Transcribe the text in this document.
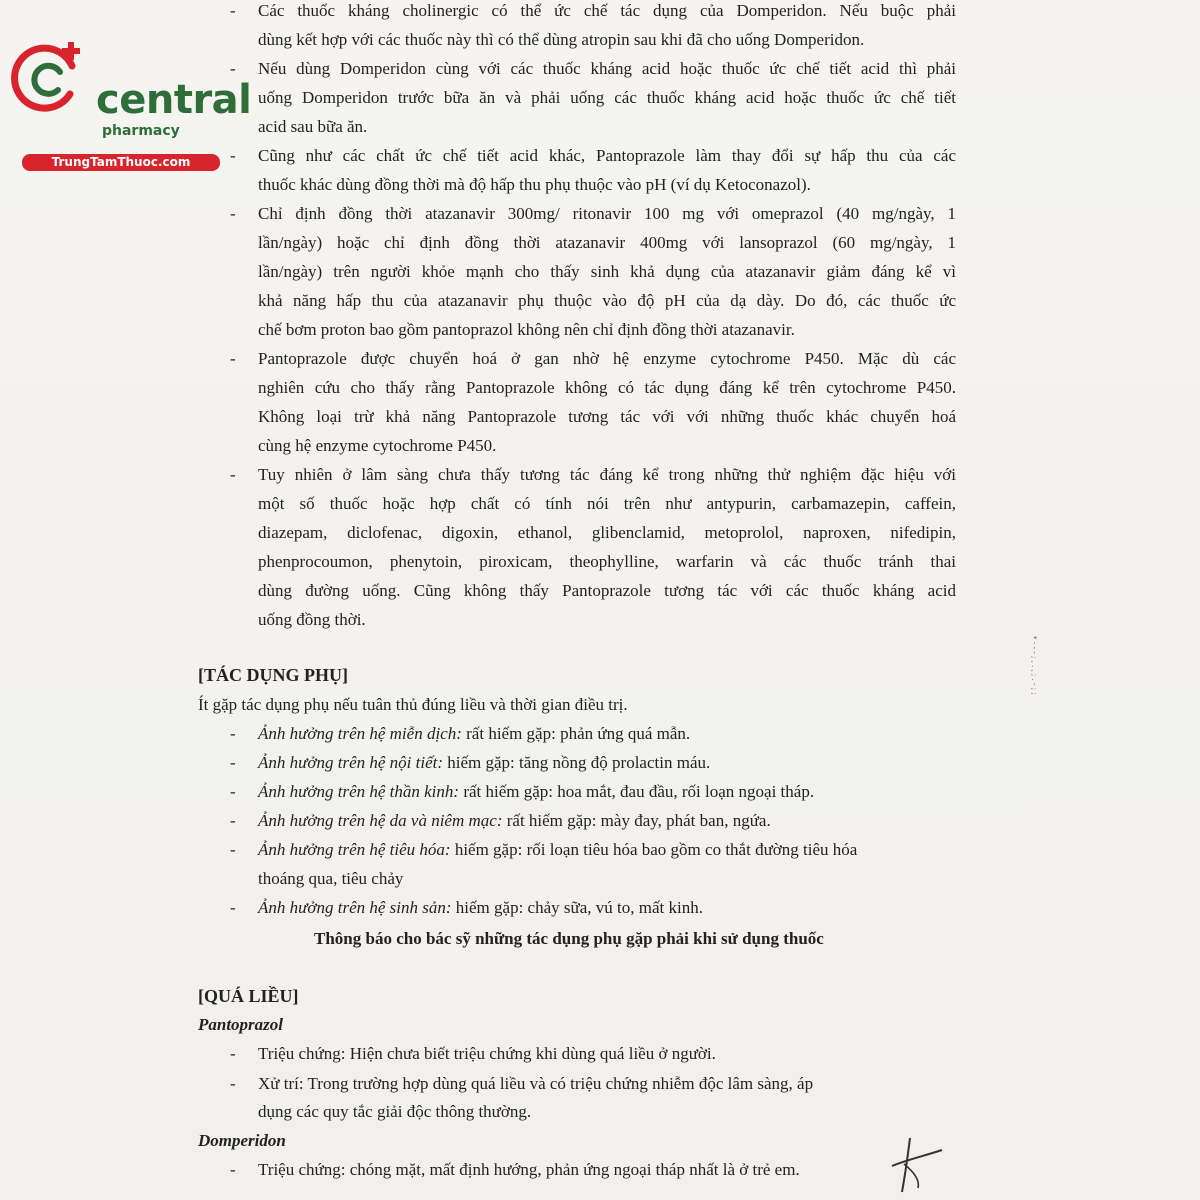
central
pharmacy
TrungTamThuoc.com
- Các thuốc kháng cholinergic có thể ức chế tác dụng của Domperidon. Nếu buộc phải
dùng kết hợp với các thuốc này thì có thể dùng atropin sau khi đã cho uống Domperidon.
- Nếu dùng Domperidon cùng với các thuốc kháng acid hoặc thuốc ức chế tiết acid thì phải
uống Domperidon trước bữa ăn và phải uống các thuốc kháng acid hoặc thuốc ức chế tiết
acid sau bữa ăn.
- Cũng như các chất ức chế tiết acid khác, Pantoprazole làm thay đổi sự hấp thu của các
thuốc khác dùng đồng thời mà độ hấp thu phụ thuộc vào pH (ví dụ Ketoconazol).
- Chỉ định đồng thời atazanavir 300mg/ ritonavir 100 mg với omeprazol (40 mg/ngày, 1
lần/ngày) hoặc chỉ định đồng thời atazanavir 400mg với lansoprazol (60 mg/ngày, 1
lần/ngày) trên người khỏe mạnh cho thấy sinh khả dụng của atazanavir giảm đáng kể vì
khả năng hấp thu của atazanavir phụ thuộc vào độ pH của dạ dày. Do đó, các thuốc ức
chế bơm proton bao gồm pantoprazol không nên chỉ định đồng thời atazanavir.
- Pantoprazole được chuyển hoá ở gan nhờ hệ enzyme cytochrome P450. Mặc dù các
nghiên cứu cho thấy rằng Pantoprazole không có tác dụng đáng kể trên cytochrome P450.
Không loại trừ khả năng Pantoprazole tương tác với với những thuốc khác chuyển hoá
cùng hệ enzyme cytochrome P450.
- Tuy nhiên ở lâm sàng chưa thấy tương tác đáng kể trong những thử nghiệm đặc hiệu với
một số thuốc hoặc hợp chất có tính nói trên như antypurin, carbamazepin, caffein,
diazepam, diclofenac, digoxin, ethanol, glibenclamid, metoprolol, naproxen, nifedipin,
phenprocoumon, phenytoin, piroxicam, theophylline, warfarin và các thuốc tránh thai
dùng đường uống. Cũng không thấy Pantoprazole tương tác với các thuốc kháng acid
uống đồng thời.
[TÁC DỤNG PHỤ]
Ít gặp tác dụng phụ nếu tuân thủ đúng liều và thời gian điều trị.
- Ảnh hưởng trên hệ miễn dịch: rất hiếm gặp: phản ứng quá mẫn.
- Ảnh hưởng trên hệ nội tiết: hiếm gặp: tăng nồng độ prolactin máu.
- Ảnh hưởng trên hệ thần kinh: rất hiếm gặp: hoa mắt, đau đầu, rối loạn ngoại tháp.
- Ảnh hưởng trên hệ da và niêm mạc: rất hiếm gặp: mày đay, phát ban, ngứa.
- Ảnh hưởng trên hệ tiêu hóa: hiếm gặp: rối loạn tiêu hóa bao gồm co thắt đường tiêu hóa
thoáng qua, tiêu chảy
- Ảnh hưởng trên hệ sinh sản: hiếm gặp: chảy sữa, vú to, mất kinh.
Thông báo cho bác sỹ những tác dụng phụ gặp phải khi sử dụng thuốc
[QUÁ LIỀU]
Pantoprazol
- Triệu chứng: Hiện chưa biết triệu chứng khi dùng quá liều ở người.
- Xử trí: Trong trường hợp dùng quá liều và có triệu chứng nhiễm độc lâm sàng, áp
dụng các quy tắc giải độc thông thường.
Domperidon
- Triệu chứng: chóng mặt, mất định hướng, phản ứng ngoại tháp nhất là ở trẻ em.
* - - - ; , . , ; . - ; ;
